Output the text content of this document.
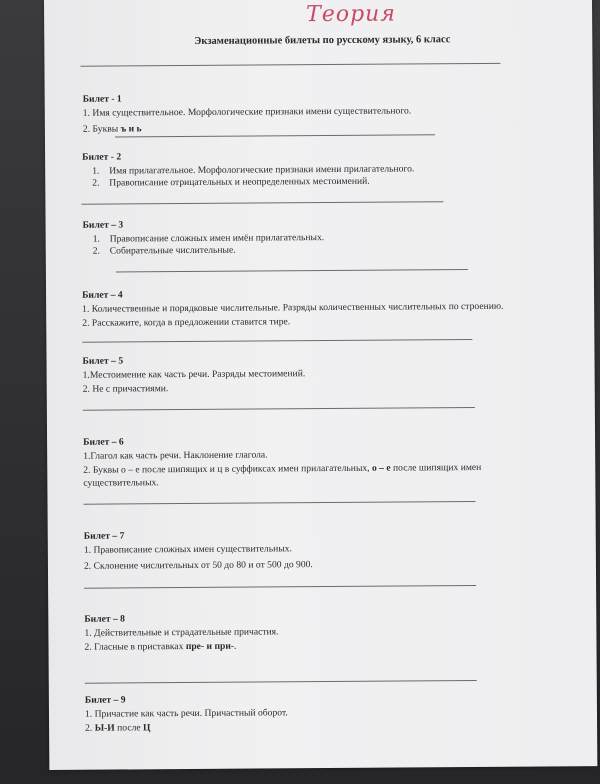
Теория
Экзаменационные билеты по русскому языку, 6 класс
Билет - 1
1. Имя существительное. Морфологические признаки имени существительного.
2. Буквы ъ и ь
Билет - 2
1. Имя прилагательное. Морфологические признаки имени прилагательного.
2. Правописание отрицательных и неопределенных местоимений.
Билет – 3
1. Правописание сложных имен имён прилагательных.
2. Собирательные числительные.
Билет – 4
1. Количественные и порядковые числительные. Разряды количественных числительных по строению.
2. Расскажите, когда в предложении ставится тире.
Билет – 5
1.Местоимение как часть речи. Разряды местоимений.
2. Не с причастиями.
Билет – 6
1.Глагол как часть речи. Наклонение глагола.
2. Буквы о – е после шипящих и ц в суффиксах имен прилагательных, о – е после шипящих имен существительных.
Билет – 7
1. Правописание сложных имен существительных.
2. Склонение числительных от 50 до 80 и от 500 до 900.
Билет – 8
1. Действительные и страдательные причастия.
2. Гласные в приставках пре- и при-.
Билет – 9
1. Причастие как часть речи. Причастный оборот.
2. Ы-И после Ц
